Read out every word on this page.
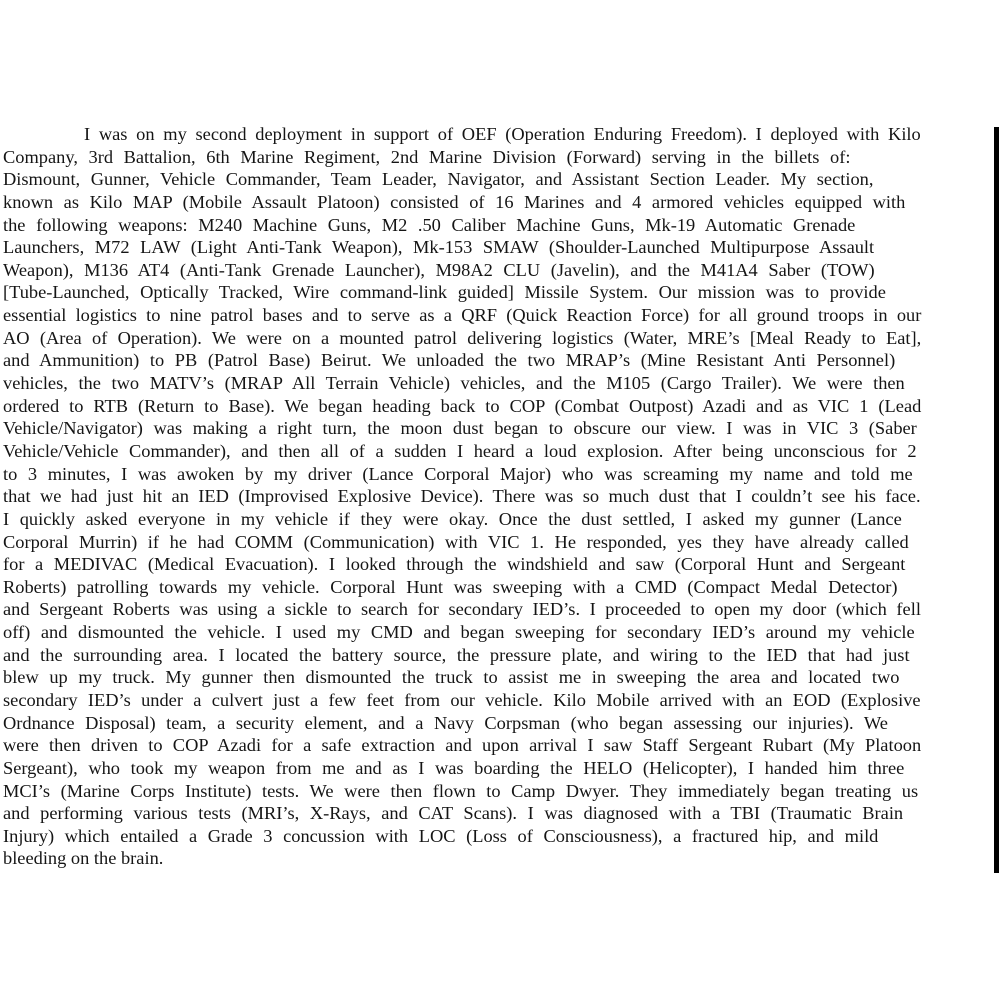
I was on my second deployment in support of OEF (Operation Enduring Freedom). I deployed with Kilo
Company, 3rd Battalion, 6th Marine Regiment, 2nd Marine Division (Forward) serving in the billets of:
Dismount, Gunner, Vehicle Commander, Team Leader, Navigator, and Assistant Section Leader. My section,
known as Kilo MAP (Mobile Assault Platoon) consisted of 16 Marines and 4 armored vehicles equipped with
the following weapons: M240 Machine Guns, M2 .50 Caliber Machine Guns, Mk-19 Automatic Grenade
Launchers, M72 LAW (Light Anti-Tank Weapon), Mk-153 SMAW (Shoulder-Launched Multipurpose Assault
Weapon), M136 AT4 (Anti-Tank Grenade Launcher), M98A2 CLU (Javelin), and the M41A4 Saber (TOW)
[Tube-Launched, Optically Tracked, Wire command-link guided] Missile System. Our mission was to provide
essential logistics to nine patrol bases and to serve as a QRF (Quick Reaction Force) for all ground troops in our
AO (Area of Operation). We were on a mounted patrol delivering logistics (Water, MRE’s [Meal Ready to Eat],
and Ammunition) to PB (Patrol Base) Beirut. We unloaded the two MRAP’s (Mine Resistant Anti Personnel)
vehicles, the two MATV’s (MRAP All Terrain Vehicle) vehicles, and the M105 (Cargo Trailer). We were then
ordered to RTB (Return to Base). We began heading back to COP (Combat Outpost) Azadi and as VIC 1 (Lead
Vehicle/Navigator) was making a right turn, the moon dust began to obscure our view. I was in VIC 3 (Saber
Vehicle/Vehicle Commander), and then all of a sudden I heard a loud explosion. After being unconscious for 2
to 3 minutes, I was awoken by my driver (Lance Corporal Major) who was screaming my name and told me
that we had just hit an IED (Improvised Explosive Device). There was so much dust that I couldn’t see his face.
I quickly asked everyone in my vehicle if they were okay. Once the dust settled, I asked my gunner (Lance
Corporal Murrin) if he had COMM (Communication) with VIC 1. He responded, yes they have already called
for a MEDIVAC (Medical Evacuation). I looked through the windshield and saw (Corporal Hunt and Sergeant
Roberts) patrolling towards my vehicle. Corporal Hunt was sweeping with a CMD (Compact Medal Detector)
and Sergeant Roberts was using a sickle to search for secondary IED’s. I proceeded to open my door (which fell
off) and dismounted the vehicle. I used my CMD and began sweeping for secondary IED’s around my vehicle
and the surrounding area. I located the battery source, the pressure plate, and wiring to the IED that had just
blew up my truck. My gunner then dismounted the truck to assist me in sweeping the area and located two
secondary IED’s under a culvert just a few feet from our vehicle. Kilo Mobile arrived with an EOD (Explosive
Ordnance Disposal) team, a security element, and a Navy Corpsman (who began assessing our injuries). We
were then driven to COP Azadi for a safe extraction and upon arrival I saw Staff Sergeant Rubart (My Platoon
Sergeant), who took my weapon from me and as I was boarding the HELO (Helicopter), I handed him three
MCI’s (Marine Corps Institute) tests. We were then flown to Camp Dwyer. They immediately began treating us
and performing various tests (MRI’s, X-Rays, and CAT Scans). I was diagnosed with a TBI (Traumatic Brain
Injury) which entailed a Grade 3 concussion with LOC (Loss of Consciousness), a fractured hip, and mild
bleeding on the brain.
